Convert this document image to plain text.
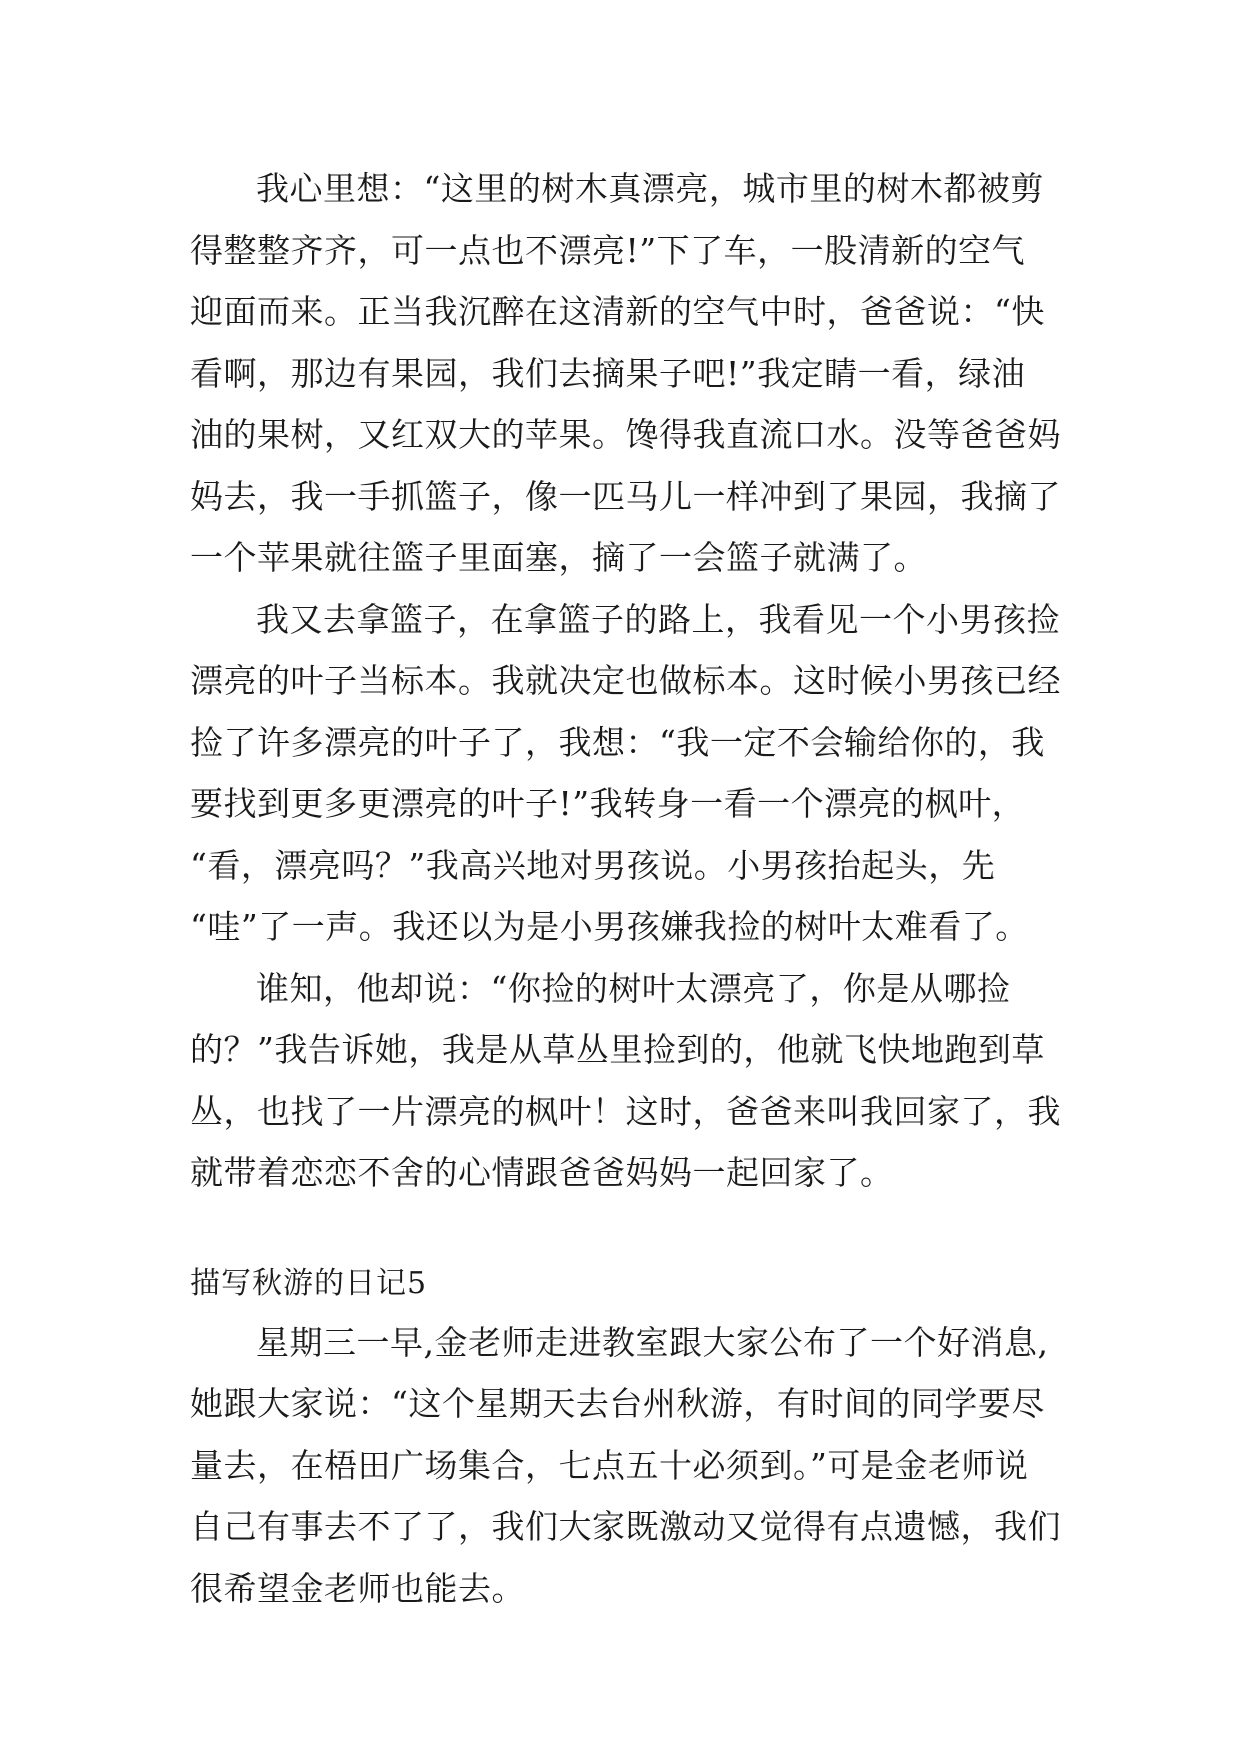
我心里想：“这里的树木真漂亮，城市里的树木都被剪
得整整齐齐，可一点也不漂亮!”下了车，一股清新的空气
迎面而来。正当我沉醉在这清新的空气中时，爸爸说：“快
看啊，那边有果园，我们去摘果子吧!”我定睛一看，绿油
油的果树，又红双大的苹果。馋得我直流口水。没等爸爸妈
妈去，我一手抓篮子，像一匹马儿一样冲到了果园，我摘了
一个苹果就往篮子里面塞，摘了一会篮子就满了。
我又去拿篮子，在拿篮子的路上，我看见一个小男孩捡
漂亮的叶子当标本。我就决定也做标本。这时候小男孩已经
捡了许多漂亮的叶子了，我想：“我一定不会输给你的，我
要找到更多更漂亮的叶子!”我转身一看一个漂亮的枫叶，
“看，漂亮吗？”我高兴地对男孩说。小男孩抬起头，先
“哇”了一声。我还以为是小男孩嫌我捡的树叶太难看了。
谁知，他却说：“你捡的树叶太漂亮了，你是从哪捡
的？”我告诉她，我是从草丛里捡到的，他就飞快地跑到草
丛，也找了一片漂亮的枫叶！这时，爸爸来叫我回家了，我
就带着恋恋不舍的心情跟爸爸妈妈一起回家了。
描写秋游的日记5
星期三一早,金老师走进教室跟大家公布了一个好消息,
她跟大家说：“这个星期天去台州秋游，有时间的同学要尽
量去，在梧田广场集合，七点五十必须到。”可是金老师说
自己有事去不了了，我们大家既激动又觉得有点遗憾，我们
很希望金老师也能去。
